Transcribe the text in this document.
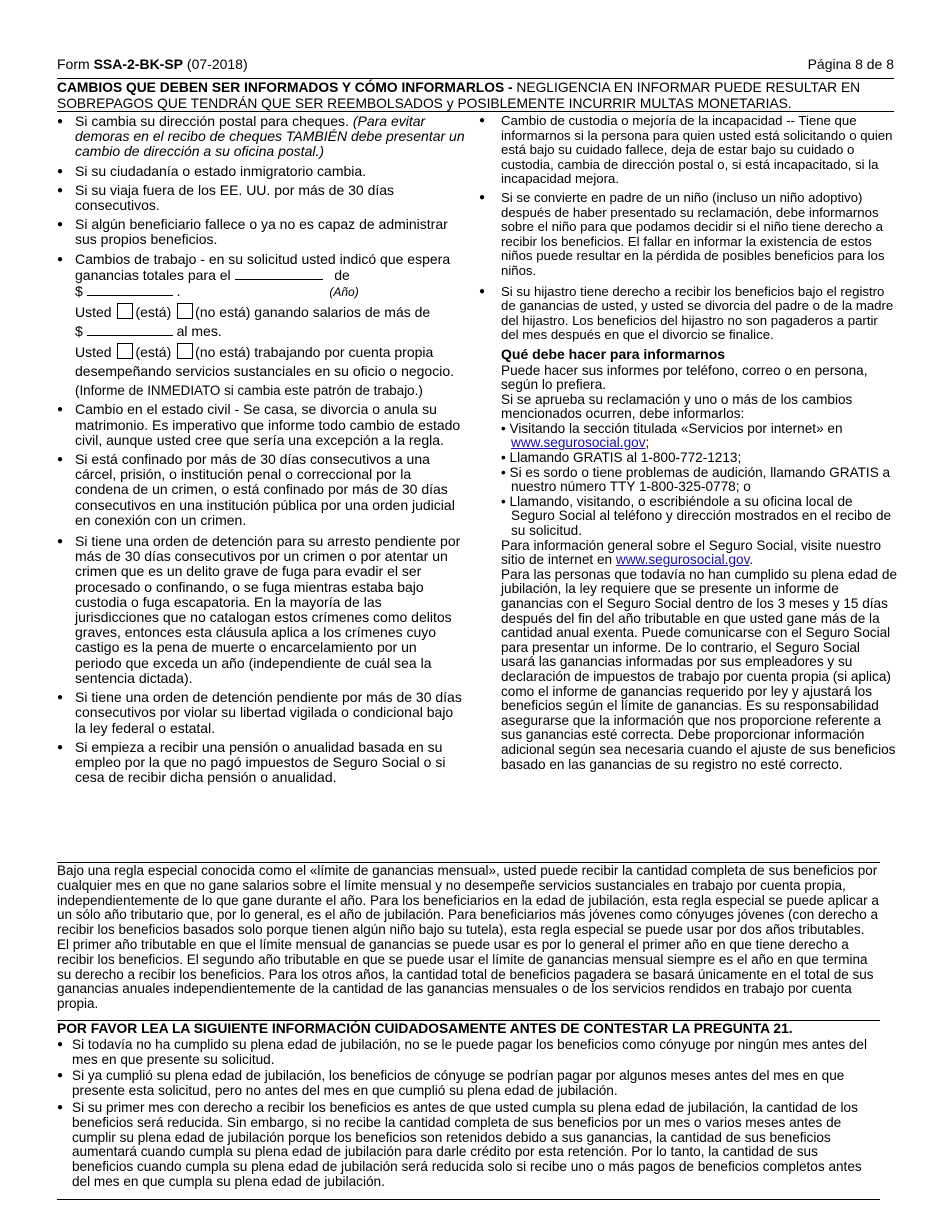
Form SSA-2-BK-SP (07-2018)	Página 8 de 8
CAMBIOS QUE DEBEN SER INFORMADOS Y CÓMO INFORMARLOS - NEGLIGENCIA EN INFORMAR PUEDE RESULTAR EN SOBREPAGOS QUE TENDRÁN QUE SER REEMBOLSADOS y POSIBLEMENTE INCURRIR MULTAS MONETARIAS.
● Si cambia su dirección postal para cheques. (Para evitar demoras en el recibo de cheques TAMBIÉN debe presentar un cambio de dirección a su oficina postal.)
● Si su ciudadanía o estado inmigratorio cambia.
● Si su viaja fuera de los EE. UU. por más de 30 días consecutivos.
● Si algún beneficiario fallece o ya no es capaz de administrar sus propios beneficios.
● Cambios de trabajo - en su solicitud usted indicó que espera ganancias totales para el	de
$	.	(Año)
Usted (está) (no está) ganando salarios de más de
$	al mes.
Usted (está) (no está) trabajando por cuenta propia desempeñando servicios sustanciales en su oficio o negocio.
(Informe de INMEDIATO si cambia este patrón de trabajo.)
● Cambio en el estado civil - Se casa, se divorcia o anula su matrimonio. Es imperativo que informe todo cambio de estado civil, aunque usted cree que sería una excepción a la regla.
● Si está confinado por más de 30 días consecutivos a una cárcel, prisión, o institución penal o correccional por la condena de un crimen, o está confinado por más de 30 días consecutivos en una institución pública por una orden judicial en conexión con un crimen.
● Si tiene una orden de detención para su arresto pendiente por más de 30 días consecutivos por un crimen o por atentar un crimen que es un delito grave de fuga para evadir el ser procesado o confinando, o se fuga mientras estaba bajo custodia o fuga escapatoria. En la mayoría de las jurisdicciones que no catalogan estos crímenes como delitos graves, entonces esta cláusula aplica a los crímenes cuyo castigo es la pena de muerte o encarcelamiento por un periodo que exceda un año (independiente de cuál sea la sentencia dictada).
● Si tiene una orden de detención pendiente por más de 30 días consecutivos por violar su libertad vigilada o condicional bajo la ley federal o estatal.
● Si empieza a recibir una pensión o anualidad basada en su empleo por la que no pagó impuestos de Seguro Social o si cesa de recibir dicha pensión o anualidad.
● Cambio de custodia o mejoría de la incapacidad -- Tiene que informarnos si la persona para quien usted está solicitando o quien está bajo su cuidado fallece, deja de estar bajo su cuidado o custodia, cambia de dirección postal o, si está incapacitado, si la incapacidad mejora.
● Si se convierte en padre de un niño (incluso un niño adoptivo) después de haber presentado su reclamación, debe informarnos sobre el niño para que podamos decidir si el niño tiene derecho a recibir los beneficios. El fallar en informar la existencia de estos niños puede resultar en la pérdida de posibles beneficios para los niños.
● Si su hijastro tiene derecho a recibir los beneficios bajo el registro de ganancias de usted, y usted se divorcia del padre o de la madre del hijastro. Los beneficios del hijastro no son pagaderos a partir del mes después en que el divorcio se finalice.
Qué debe hacer para informarnos

Puede hacer sus informes por teléfono, correo o en persona, según lo prefiera.

Si se aprueba su reclamación y uno o más de los cambios mencionados ocurren, debe informarlos:

• Visitando la sección titulada «Servicios por internet» en www.segurosocial.gov;

• Llamando GRATIS al 1-800-772-1213;

• Si es sordo o tiene problemas de audición, llamando GRATIS a nuestro número TTY 1-800-325-0778; o

• Llamando, visitando, o escribiéndole a su oficina local de Seguro Social al teléfono y dirección mostrados en el recibo de su solicitud.

Para información general sobre el Seguro Social, visite nuestro sitio de internet en www.segurosocial.gov.

Para las personas que todavía no han cumplido su plena edad de jubilación, la ley requiere que se presente un informe de ganancias con el Seguro Social dentro de los 3 meses y 15 días después del fin del año tributable en que usted gane más de la cantidad anual exenta. Puede comunicarse con el Seguro Social para presentar un informe. De lo contrario, el Seguro Social usará las ganancias informadas por sus empleadores y su declaración de impuestos de trabajo por cuenta propia (si aplica) como el informe de ganancias requerido por ley y ajustará los beneficios según el límite de ganancias. Es su responsabilidad asegurarse que la información que nos proporcione referente a sus ganancias esté correcta. Debe proporcionar información adicional según sea necesaria cuando el ajuste de sus beneficios basado en las ganancias de su registro no esté correcto.

Bajo una regla especial conocida como el «límite de ganancias mensual», usted puede recibir la cantidad completa de sus beneficios por cualquier mes en que no gane salarios sobre el límite mensual y no desempeñe servicios sustanciales en trabajo por cuenta propia, independientemente de lo que gane durante el año. Para los beneficiarios en la edad de jubilación, esta regla especial se puede aplicar a un sólo año tributario que, por lo general, es el año de jubilación. Para beneficiarios más jóvenes como cónyuges jóvenes (con derecho a recibir los beneficios basados solo porque tienen algún niño bajo su tutela), esta regla especial se puede usar por dos años tributables. El primer año tributable en que el límite mensual de ganancias se puede usar es por lo general el primer año en que tiene derecho a recibir los beneficios. El segundo año tributable en que se puede usar el límite de ganancias mensual siempre es el año en que termina su derecho a recibir los beneficios. Para los otros años, la cantidad total de beneficios pagadera se basará únicamente en el total de sus ganancias anuales independientemente de la cantidad de las ganancias mensuales o de los servicios rendidos en trabajo por cuenta propia.
POR FAVOR LEA LA SIGUIENTE INFORMACIÓN CUIDADOSAMENTE ANTES DE CONTESTAR LA PREGUNTA 21.
● Si todavía no ha cumplido su plena edad de jubilación, no se le puede pagar los beneficios como cónyuge por ningún mes antes del mes en que presente su solicitud.
● Si ya cumplió su plena edad de jubilación, los beneficios de cónyuge se podrían pagar por algunos meses antes del mes en que presente esta solicitud, pero no antes del mes en que cumplió su plena edad de jubilación.
● Si su primer mes con derecho a recibir los beneficios es antes de que usted cumpla su plena edad de jubilación, la cantidad de los beneficios será reducida. Sin embargo, si no recibe la cantidad completa de sus beneficios por un mes o varios meses antes de cumplir su plena edad de jubilación porque los beneficios son retenidos debido a sus ganancias, la cantidad de sus beneficios aumentará cuando cumpla su plena edad de jubilación para darle crédito por esta retención. Por lo tanto, la cantidad de sus beneficios cuando cumpla su plena edad de jubilación será reducida solo si recibe uno o más pagos de beneficios completos antes del mes en que cumpla su plena edad de jubilación.
